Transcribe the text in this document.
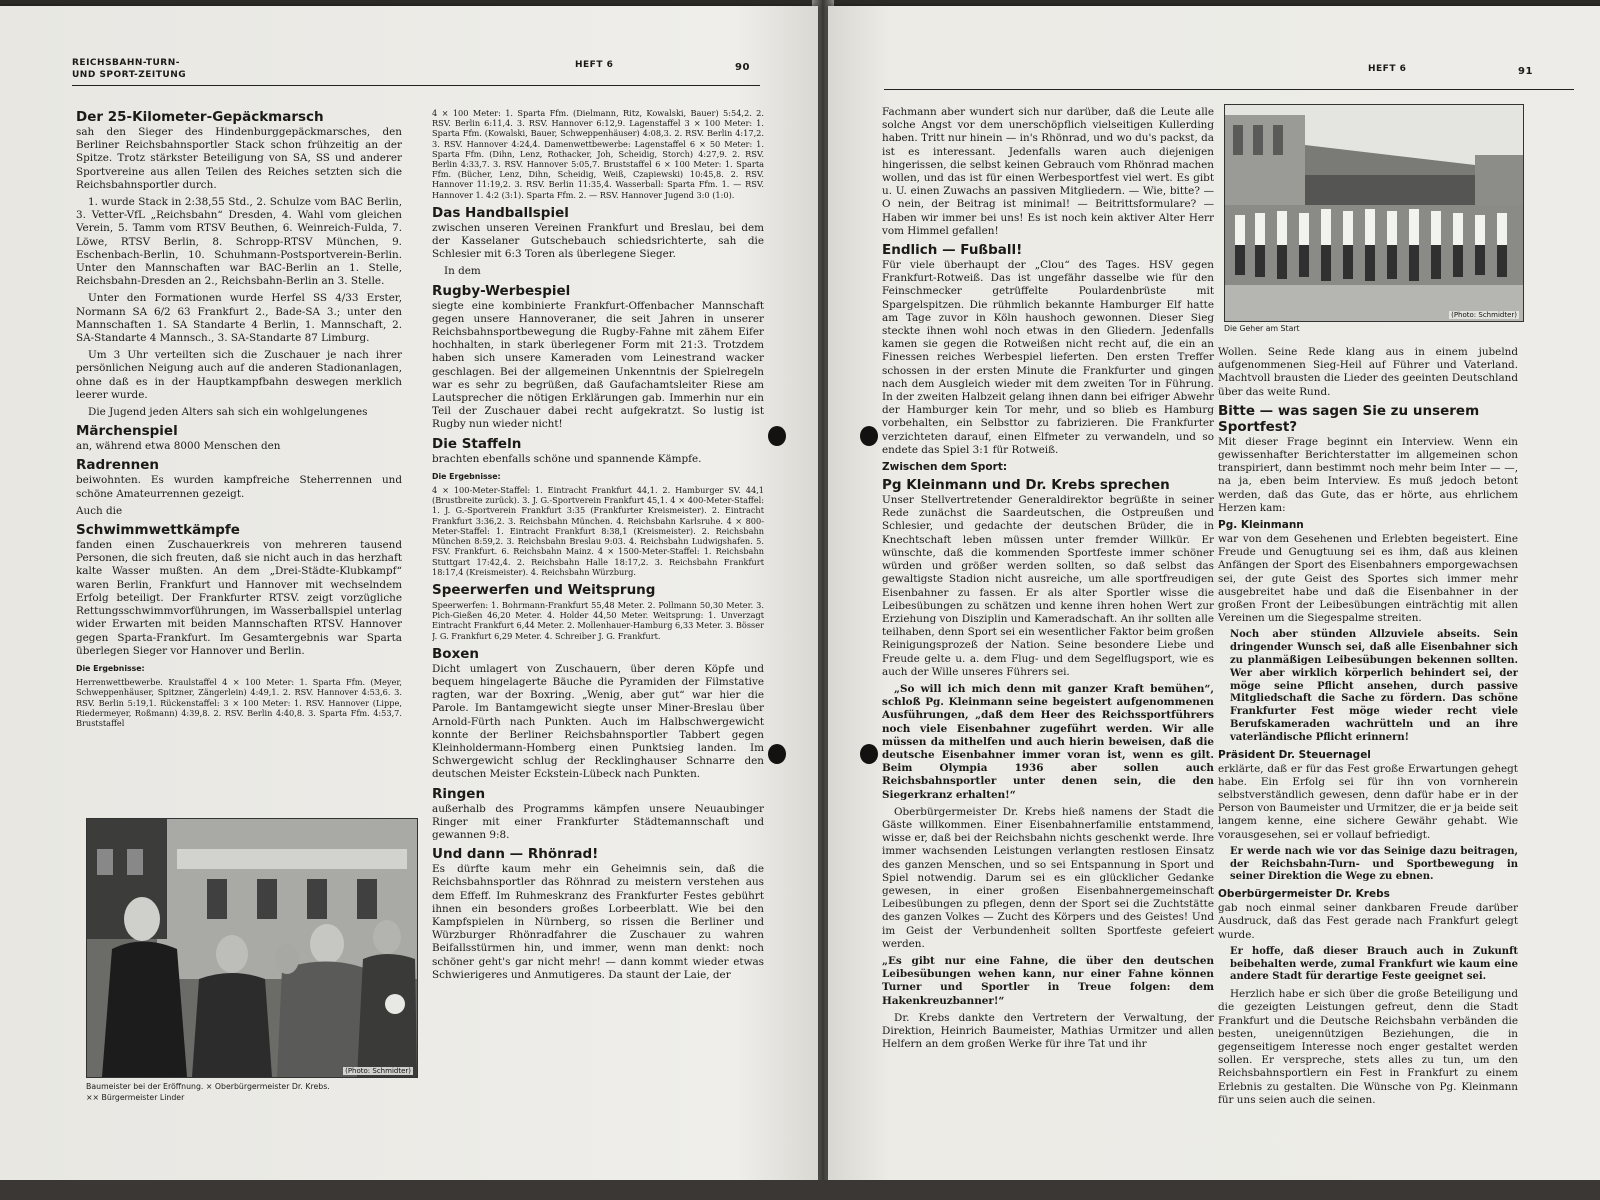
REICHSBAHN-TURN-
UND SPORT-ZEITUNG
HEFT 6	90
Der 25-Kilometer-Gepäckmarsch

sah den Sieger des Hindenburggepäckmarsches, den Berliner Reichsbahnsportler Stack schon frühzeitig an der Spitze. Trotz stärkster Beteiligung von SA, SS und anderer Sportvereine aus allen Teilen des Reiches setzten sich die Reichsbahnsportler durch.

1. wurde Stack in 2:38,55 Std., 2. Schulze vom BAC Berlin, 3. Vetter-VfL „Reichsbahn“ Dresden, 4. Wahl vom gleichen Verein, 5. Tamm vom RTSV Beuthen, 6. Weinreich-Fulda, 7. Löwe, RTSV Berlin, 8. Schropp-RTSV München, 9. Eschenbach-Berlin, 10. Schuhmann-Postsportverein-Berlin. Unter den Mannschaften war BAC-Berlin an 1. Stelle, Reichsbahn-Dresden an 2., Reichsbahn-Berlin an 3. Stelle.

Unter den Formationen wurde Herfel SS 4/33 Erster, Normann SA 6/2 63 Frankfurt 2., Bade-SA 3.; unter den Mannschaften 1. SA Standarte 4 Berlin, 1. Mannschaft, 2. SA-Standarte 4 Mannsch., 3. SA-Standarte 87 Limburg.

Um 3 Uhr verteilten sich die Zuschauer je nach ihrer persönlichen Neigung auch auf die anderen Stadionanlagen, ohne daß es in der Hauptkampfbahn deswegen merklich leerer wurde.

Die Jugend jeden Alters sah sich ein wohlgelungenes

Märchenspiel

an, während etwa 8000 Menschen den

Radrennen

beiwohnten. Es wurden kampfreiche Steherrennen und schöne Amateurrennen gezeigt.

Auch die

Schwimmwettkämpfe

fanden einen Zuschauerkreis von mehreren tausend Personen, die sich freuten, daß sie nicht auch in das herzhaft kalte Wasser mußten. An dem „Drei-Städte-Klubkampf“ waren Berlin, Frankfurt und Hannover mit wechselndem Erfolg beteiligt. Der Frankfurter RTSV. zeigt vorzügliche Rettungsschwimmvorführungen, im Wasserballspiel unterlag wider Erwarten mit beiden Mannschaften RTSV. Hannover gegen Sparta-Frankfurt. Im Gesamtergebnis war Sparta überlegen Sieger vor Hannover und Berlin.

Die Ergebnisse:
Herrenwettbewerbe. Kraulstaffel 4 × 100 Meter: 1. Sparta Ffm. (Meyer, Schweppenhäuser, Spitzner, Zängerlein) 4:49,1. 2. RSV. Hannover 4:53,6. 3. RSV. Berlin 5:19,1. Rückenstaffel: 3 × 100 Meter: 1. RSV. Hannover (Lippe, Riedermeyer, Roßmann) 4:39,8. 2. RSV. Berlin 4:40,8. 3. Sparta Ffm. 4:53,7. Bruststaffel
(Photo: Schmidter)
Baumeister bei der Eröffnung. × Oberbürgermeister Dr. Krebs.
×× Bürgermeister Linder
4 × 100 Meter: 1. Sparta Ffm. (Dielmann, Ritz, Kowalski, Bauer) 5:54,2. 2. RSV. Berlin 6:11,4. 3. RSV. Hannover 6:12,9. Lagenstaffel 3 × 100 Meter: 1. Sparta Ffm. (Kowalski, Bauer, Schweppenhäuser) 4:08,3. 2. RSV. Berlin 4:17,2. 3. RSV. Hannover 4:24,4. Damenwettbewerbe: Lagenstaffel 6 × 50 Meter: 1. Sparta Ffm. (Dihn, Lenz, Rothacker, Joh, Scheidig, Storch) 4:27,9. 2. RSV. Berlin 4:33,7. 3. RSV. Hannover 5:05,7. Bruststaffel 6 × 100 Meter: 1. Sparta Ffm. (Bücher, Lenz, Dihn, Scheidig, Weiß, Czapiewski) 10:45,8. 2. RSV. Hannover 11:19,2. 3. RSV. Berlin 11:35,4. Wasserball: Sparta Ffm. 1. — RSV. Hannover 1. 4:2 (3:1). Sparta Ffm. 2. — RSV. Hannover Jugend 3:0 (1:0).
Das Handballspiel

zwischen unseren Vereinen Frankfurt und Breslau, bei dem der Kasselaner Gutschebauch schiedsrichterte, sah die Schlesier mit 6:3 Toren als überlegene Sieger.

In dem

Rugby-Werbespiel

siegte eine kombinierte Frankfurt-Offenbacher Mannschaft gegen unsere Hannoveraner, die seit Jahren in unserer Reichsbahnsportbewegung die Rugby-Fahne mit zähem Eifer hochhalten, in stark überlegener Form mit 21:3. Trotzdem haben sich unsere Kameraden vom Leinestrand wacker geschlagen. Bei der allgemeinen Unkenntnis der Spielregeln war es sehr zu begrüßen, daß Gaufachamtsleiter Riese am Lautsprecher die nötigen Erklärungen gab. Immerhin nur ein Teil der Zuschauer dabei recht aufgekratzt. So lustig ist Rugby nun wieder nicht!

Die Staffeln

brachten ebenfalls schöne und spannende Kämpfe.

Die Ergebnisse:
4 × 100-Meter-Staffel: 1. Eintracht Frankfurt 44,1. 2. Hamburger SV. 44,1 (Brustbreite zurück). 3. J. G.-Sportverein Frankfurt 45,1. 4 × 400-Meter-Staffel: 1. J. G.-Sportverein Frankfurt 3:35 (Frankfurter Kreismeister). 2. Eintracht Frankfurt 3:36,2. 3. Reichsbahn München. 4. Reichsbahn Karlsruhe. 4 × 800-Meter-Staffel: 1. Eintracht Frankfurt 8:38,1 (Kreismeister). 2. Reichsbahn München 8:59,2. 3. Reichsbahn Breslau 9:03. 4. Reichsbahn Ludwigshafen. 5. FSV. Frankfurt. 6. Reichsbahn Mainz. 4 × 1500-Meter-Staffel: 1. Reichsbahn Stuttgart 17:42,4. 2. Reichsbahn Halle 18:17,2. 3. Reichsbahn Frankfurt 18:17,4 (Kreismeister). 4. Reichsbahn Würzburg.
Speerwerfen und Weitsprung
Speerwerfen: 1. Bohrmann-Frankfurt 55,48 Meter. 2. Pollmann 50,30 Meter. 3. Pich-Gießen 46,20 Meter. 4. Holder 44,50 Meter. Weitsprung: 1. Unverzagt Eintracht Frankfurt 6,44 Meter. 2. Mollenhauer-Hamburg 6,33 Meter. 3. Bösser J. G. Frankfurt 6,29 Meter. 4. Schreiber J. G. Frankfurt.
Boxen

Dicht umlagert von Zuschauern, über deren Köpfe und bequem hingelagerte Bäuche die Pyramiden der Filmstative ragten, war der Boxring. „Wenig, aber gut“ war hier die Parole. Im Bantamgewicht siegte unser Miner-Breslau über Arnold-Fürth nach Punkten. Auch im Halbschwergewicht konnte der Berliner Reichsbahnsportler Tabbert gegen Kleinholdermann-Homberg einen Punktsieg landen. Im Schwergewicht schlug der Recklinghauser Schnarre den deutschen Meister Eckstein-Lübeck nach Punkten.

Ringen

außerhalb des Programms kämpfen unsere Neuaubinger Ringer mit einer Frankfurter Städtemannschaft und gewannen 9:8.

Und dann — Rhönrad!

Es dürfte kaum mehr ein Geheimnis sein, daß die Reichsbahnsportler das Röhnrad zu meistern verstehen aus dem Effeff. Im Ruhmeskranz des Frankfurter Festes gebührt ihnen ein besonders großes Lorbeerblatt. Wie bei den Kampfspielen in Nürnberg, so rissen die Berliner und Würzburger Rhönradfahrer die Zuschauer zu wahren Beifallsstürmen hin, und immer, wenn man denkt: noch schöner geht's gar nicht mehr! — dann kommt wieder etwas Schwierigeres und Anmutigeres. Da staunt der Laie, der

HEFT 6	91

Fachmann aber wundert sich nur darüber, daß die Leute alle solche Angst vor dem unerschöpflich vielseitigen Kullerding haben. Tritt nur hinein — in's Rhönrad, und wo du's packst, da ist es interessant. Jedenfalls waren auch diejenigen hingerissen, die selbst keinen Gebrauch vom Rhönrad machen wollen, und das ist für einen Werbesportfest viel wert. Es gibt u. U. einen Zuwachs an passiven Mitgliedern. — Wie, bitte? — O nein, der Beitrag ist minimal! — Beitrittsformulare? — Haben wir immer bei uns! Es ist noch kein aktiver Alter Herr vom Himmel gefallen!

Endlich — Fußball!

Für viele überhaupt der „Clou“ des Tages. HSV gegen Frankfurt-Rotweiß. Das ist ungefähr dasselbe wie für den Feinschmecker getrüffelte Poulardenbrüste mit Spargelspitzen. Die rühmlich bekannte Hamburger Elf hatte am Tage zuvor in Köln haushoch gewonnen. Dieser Sieg steckte ihnen wohl noch etwas in den Gliedern. Jedenfalls kamen sie gegen die Rotweißen nicht recht auf, die ein an Finessen reiches Werbespiel lieferten. Den ersten Treffer schossen in der ersten Minute die Frankfurter und gingen nach dem Ausgleich wieder mit dem zweiten Tor in Führung. In der zweiten Halbzeit gelang ihnen dann bei eifriger Abwehr der Hamburger kein Tor mehr, und so blieb es Hamburg vorbehalten, ein Selbsttor zu fabrizieren. Die Frankfurter verzichteten darauf, einen Elfmeter zu verwandeln, und so endete das Spiel 3:1 für Rotweiß.

Zwischen dem Sport:
Pg Kleinmann und Dr. Krebs sprechen

Unser Stellvertretender Generaldirektor begrüßte in seiner Rede zunächst die Saardeutschen, die Ostpreußen und Schlesier, und gedachte der deutschen Brüder, die in Knechtschaft leben müssen unter fremder Willkür. Er wünschte, daß die kommenden Sportfeste immer schöner würden und größer werden sollten, so daß selbst das gewaltigste Stadion nicht ausreiche, um alle sportfreudigen Eisenbahner zu fassen. Er als alter Sportler wisse die Leibesübungen zu schätzen und kenne ihren hohen Wert zur Erziehung von Disziplin und Kameradschaft. An ihr sollten alle teilhaben, denn Sport sei ein wesentlicher Faktor beim großen Reinigungsprozeß der Nation. Seine besondere Liebe und Freude gelte u. a. dem Flug- und dem Segelflugsport, wie es auch der Wille unseres Führers sei.

„So will ich mich denn mit ganzer Kraft bemühen“, schloß Pg. Kleinmann seine begeistert aufgenommenen Ausführungen, „daß dem Heer des Reichssportführers noch viele Eisenbahner zugeführt werden. Wir alle müssen da mithelfen und auch hierin beweisen, daß die deutsche Eisenbahner immer voran ist, wenn es gilt. Beim Olympia 1936 aber sollen auch Reichsbahnsportler unter denen sein, die den Siegerkranz erhalten!“

Oberbürgermeister Dr. Krebs hieß namens der Stadt die Gäste willkommen. Einer Eisenbahnerfamilie entstammend, wisse er, daß bei der Reichsbahn nichts geschenkt werde. Ihre immer wachsenden Leistungen verlangten restlosen Einsatz des ganzen Menschen, und so sei Entspannung in Sport und Spiel notwendig. Darum sei es ein glücklicher Gedanke gewesen, in einer großen Eisenbahnergemeinschaft Leibesübungen zu pflegen, denn der Sport sei die Zuchtstätte des ganzen Volkes — Zucht des Körpers und des Geistes! Und im Geist der Verbundenheit sollten Sportfeste gefeiert werden.

„Es gibt nur eine Fahne, die über den deutschen Leibesübungen wehen kann, nur einer Fahne können Turner und Sportler in Treue folgen: dem Hakenkreuzbanner!“

Dr. Krebs dankte den Vertretern der Verwaltung, der Direktion, Heinrich Baumeister, Mathias Urmitzer und allen Helfern an dem großen Werke für ihre Tat und ihr

(Photo: Schmidter)
Die Geher am Start

Wollen. Seine Rede klang aus in einem jubelnd aufgenommenen Sieg-Heil auf Führer und Vaterland. Machtvoll brausten die Lieder des geeinten Deutschland über das weite Rund.

Bitte — was sagen Sie zu unserem Sportfest?

Mit dieser Frage beginnt ein Interview. Wenn ein gewissenhafter Berichterstatter im allgemeinen schon transpiriert, dann bestimmt noch mehr beim Inter — —, na ja, eben beim Interview. Es muß jedoch betont werden, daß das Gute, das er hörte, aus ehrlichem Herzen kam:

Pg. Kleinmann

war von dem Gesehenen und Erlebten begeistert. Eine Freude und Genugtuung sei es ihm, daß aus kleinen Anfängen der Sport des Eisenbahners emporgewachsen sei, der gute Geist des Sportes sich immer mehr ausgebreitet habe und daß die Eisenbahner in der großen Front der Leibesübungen einträchtig mit allen Vereinen um die Siegespalme streiten.

Noch aber stünden Allzuviele abseits. Sein dringender Wunsch sei, daß alle Eisenbahner sich zu planmäßigen Leibesübungen bekennen sollten. Wer aber wirklich körperlich behindert sei, der möge seine Pflicht ansehen, durch passive Mitgliedschaft die Sache zu fördern. Das schöne Frankfurter Fest möge wieder recht viele Berufskameraden wachrütteln und an ihre vaterländische Pflicht erinnern!

Präsident Dr. Steuernagel

erklärte, daß er für das Fest große Erwartungen gehegt habe. Ein Erfolg sei für ihn von vornherein selbstverständlich gewesen, denn dafür habe er in der Person von Baumeister und Urmitzer, die er ja beide seit langem kenne, eine sichere Gewähr gehabt. Wie vorausgesehen, sei er vollauf befriedigt.

Er werde nach wie vor das Seinige dazu beitragen, der Reichsbahn-Turn- und Sportbewegung in seiner Direktion die Wege zu ebnen.

Oberbürgermeister Dr. Krebs

gab noch einmal seiner dankbaren Freude darüber Ausdruck, daß das Fest gerade nach Frankfurt gelegt wurde.

Er hoffe, daß dieser Brauch auch in Zukunft beibehalten werde, zumal Frankfurt wie kaum eine andere Stadt für derartige Feste geeignet sei.

Herzlich habe er sich über die große Beteiligung und die gezeigten Leistungen gefreut, denn die Stadt Frankfurt und die Deutsche Reichsbahn verbänden die besten, uneigennützigen Beziehungen, die in gegenseitigem Interesse noch enger gestaltet werden sollen. Er verspreche, stets alles zu tun, um den Reichsbahnsportlern ein Fest in Frankfurt zu einem Erlebnis zu gestalten. Die Wünsche von Pg. Kleinmann für uns seien auch die seinen.
